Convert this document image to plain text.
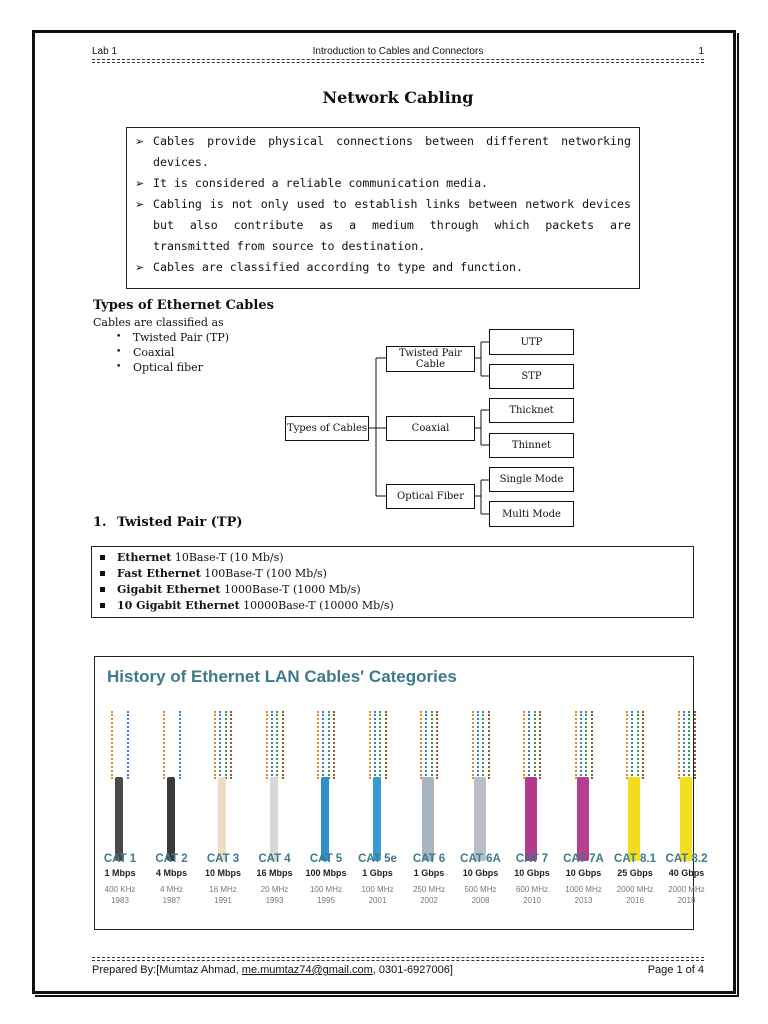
Lab 1	Introduction to Cables and Connectors	1
Network Cabling
➢ Cables provide physical connections between different networking devices.
➢ It is considered a reliable communication media.
➢ Cabling is not only used to establish links between network devices but also contribute as a medium through which packets are transmitted from source to destination.
➢ Cables are classified according to type and function.
Types of Ethernet Cables
Cables are classified as
• Twisted Pair (TP)
• Coaxial
• Optical fiber
Types of Cables
Twisted Pair Cable
Coaxial
Optical Fiber
UTP
STP
Thicknet
Thinnet
Single Mode
Multi Mode
1. Twisted Pair (TP)
Ethernet 10Base-T (10 Mb/s)
Fast Ethernet 100Base-T (100 Mb/s)
Gigabit Ethernet 1000Base-T (1000 Mb/s)
10 Gigabit Ethernet 10000Base-T (10000 Mb/s)
History of Ethernet LAN Cables' Categories
CAT 1
1 Mbps
400 KHz
1983
CAT 2
4 Mbps
4 MHz
1987
CAT 3
10 Mbps
16 MHz
1991
CAT 4
16 Mbps
20 MHz
1993
CAT 5
100 Mbps
100 MHz
1995
CAT 5e
1 Gbps
100 MHz
2001
CAT 6
1 Gbps
250 MHz
2002
CAT 6A
10 Gbps
500 MHz
2008
CAT 7
10 Gbps
600 MHz
2010
CAT 7A
10 Gbps
1000 MHz
2013
CAT 8.1
25 Gbps
2000 MHz
2016
CAT 8.2
40 Gbps
2000 MHz
2018
Prepared By:[Mumtaz Ahmad, me.mumtaz74@gmail.com, 0301-6927006]	Page 1 of 4
